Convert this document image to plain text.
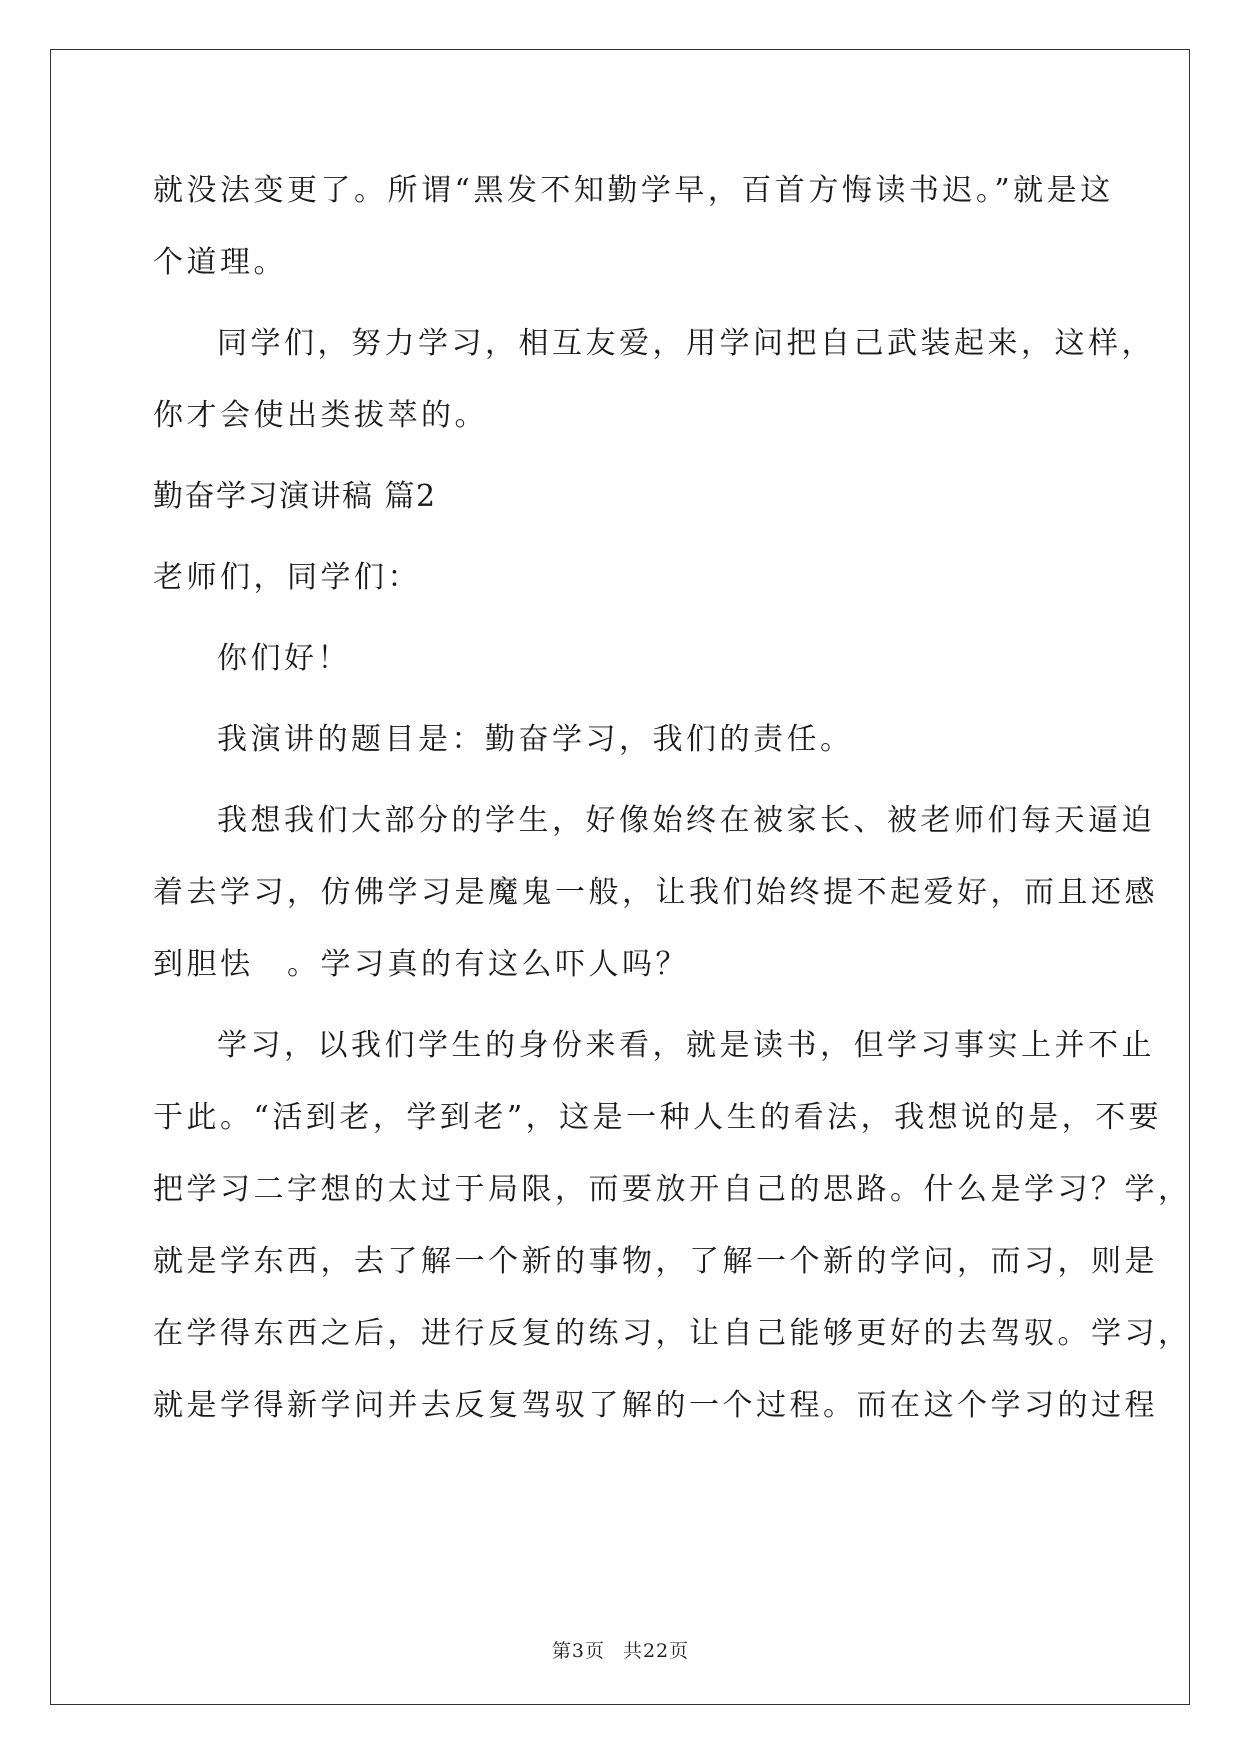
就没法变更了。所谓“黑发不知勤学早，百首方悔读书迟。”就是这
个道理。
同学们，努力学习，相互友爱，用学问把自己武装起来，这样，
你才会使出类拔萃的。
勤奋学习演讲稿 篇2
老师们，同学们：
你们好！
我演讲的题目是：勤奋学习，我们的责任。
我想我们大部分的学生，好像始终在被家长、被老师们每天逼迫
着去学习，仿佛学习是魔鬼一般，让我们始终提不起爱好，而且还感
到胆怯　。学习真的有这么吓人吗？
学习，以我们学生的身份来看，就是读书，但学习事实上并不止
于此。“活到老，学到老”，这是一种人生的看法，我想说的是，不要
把学习二字想的太过于局限，而要放开自己的思路。什么是学习？学，
就是学东西，去了解一个新的事物，了解一个新的学问，而习，则是
在学得东西之后，进行反复的练习，让自己能够更好的去驾驭。学习，
就是学得新学问并去反复驾驭了解的一个过程。而在这个学习的过程
第3页 共22页
